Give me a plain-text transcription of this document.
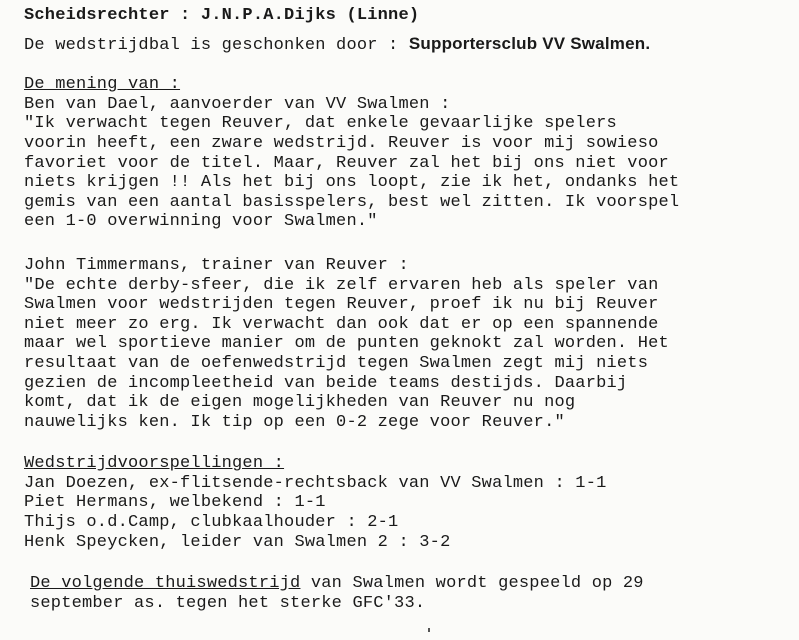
Scheidsrechter : J.N.P.A.Dijks (Linne)
De wedstrijdbal is geschonken door : Supportersclub VV Swalmen.
De mening van :
Ben van Dael, aanvoerder van VV Swalmen :
"Ik verwacht tegen Reuver, dat enkele gevaarlijke spelers
voorin heeft, een zware wedstrijd. Reuver is voor mij sowieso
favoriet voor de titel. Maar, Reuver zal het bij ons niet voor
niets krijgen !! Als het bij ons loopt, zie ik het, ondanks het
gemis van een aantal basisspelers, best wel zitten. Ik voorspel
een 1-0 overwinning voor Swalmen."
John Timmermans, trainer van Reuver :
"De echte derby-sfeer, die ik zelf ervaren heb als speler van
Swalmen voor wedstrijden tegen Reuver, proef ik nu bij Reuver
niet meer zo erg. Ik verwacht dan ook dat er op een spannende
maar wel sportieve manier om de punten geknokt zal worden. Het
resultaat van de oefenwedstrijd tegen Swalmen zegt mij niets
gezien de incompleetheid van beide teams destijds. Daarbij
komt, dat ik de eigen mogelijkheden van Reuver nu nog
nauwelijks ken. Ik tip op een 0-2 zege voor Reuver."
Wedstrijdvoorspellingen :
Jan Doezen, ex-flitsende-rechtsback van VV Swalmen : 1-1
Piet Hermans, welbekend : 1-1
Thijs o.d.Camp, clubkaalhouder : 2-1
Henk Speycken, leider van Swalmen 2 : 3-2
De volgende thuiswedstrijd van Swalmen wordt gespeeld op 29
september as. tegen het sterke GFC'33.
